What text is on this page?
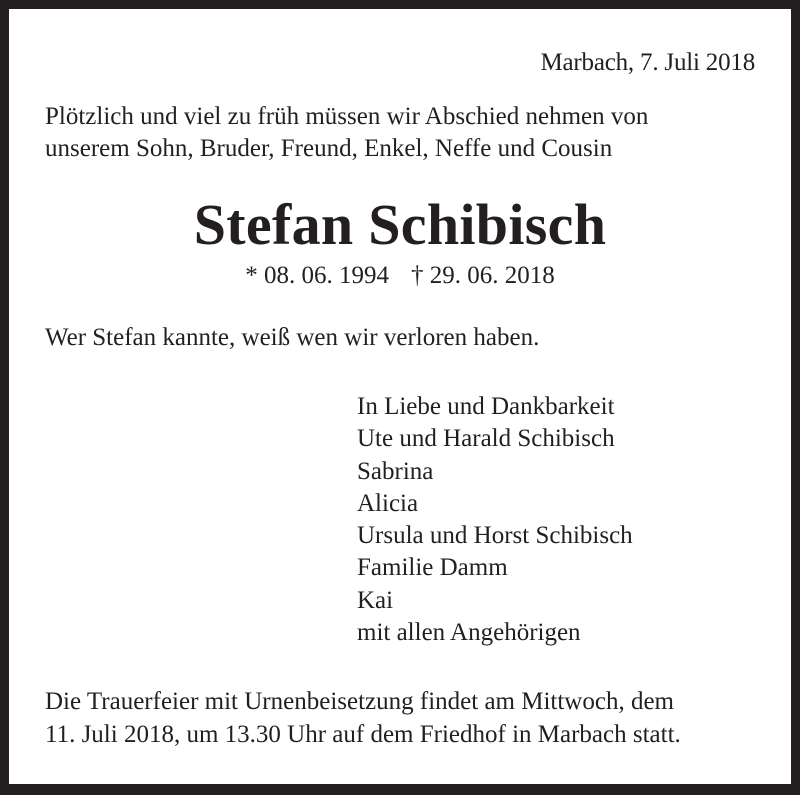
Marbach, 7. Juli 2018
Plötzlich und viel zu früh müssen wir Abschied nehmen von
unserem Sohn, Bruder, Freund, Enkel, Neffe und Cousin
Stefan Schibisch
* 08. 06. 1994 † 29. 06. 2018
Wer Stefan kannte, weiß wen wir verloren haben.
In Liebe und Dankbarkeit
Ute und Harald Schibisch
Sabrina
Alicia
Ursula und Horst Schibisch
Familie Damm
Kai
mit allen Angehörigen
Die Trauerfeier mit Urnenbeisetzung findet am Mittwoch, dem
11. Juli 2018, um 13.30 Uhr auf dem Friedhof in Marbach statt.
